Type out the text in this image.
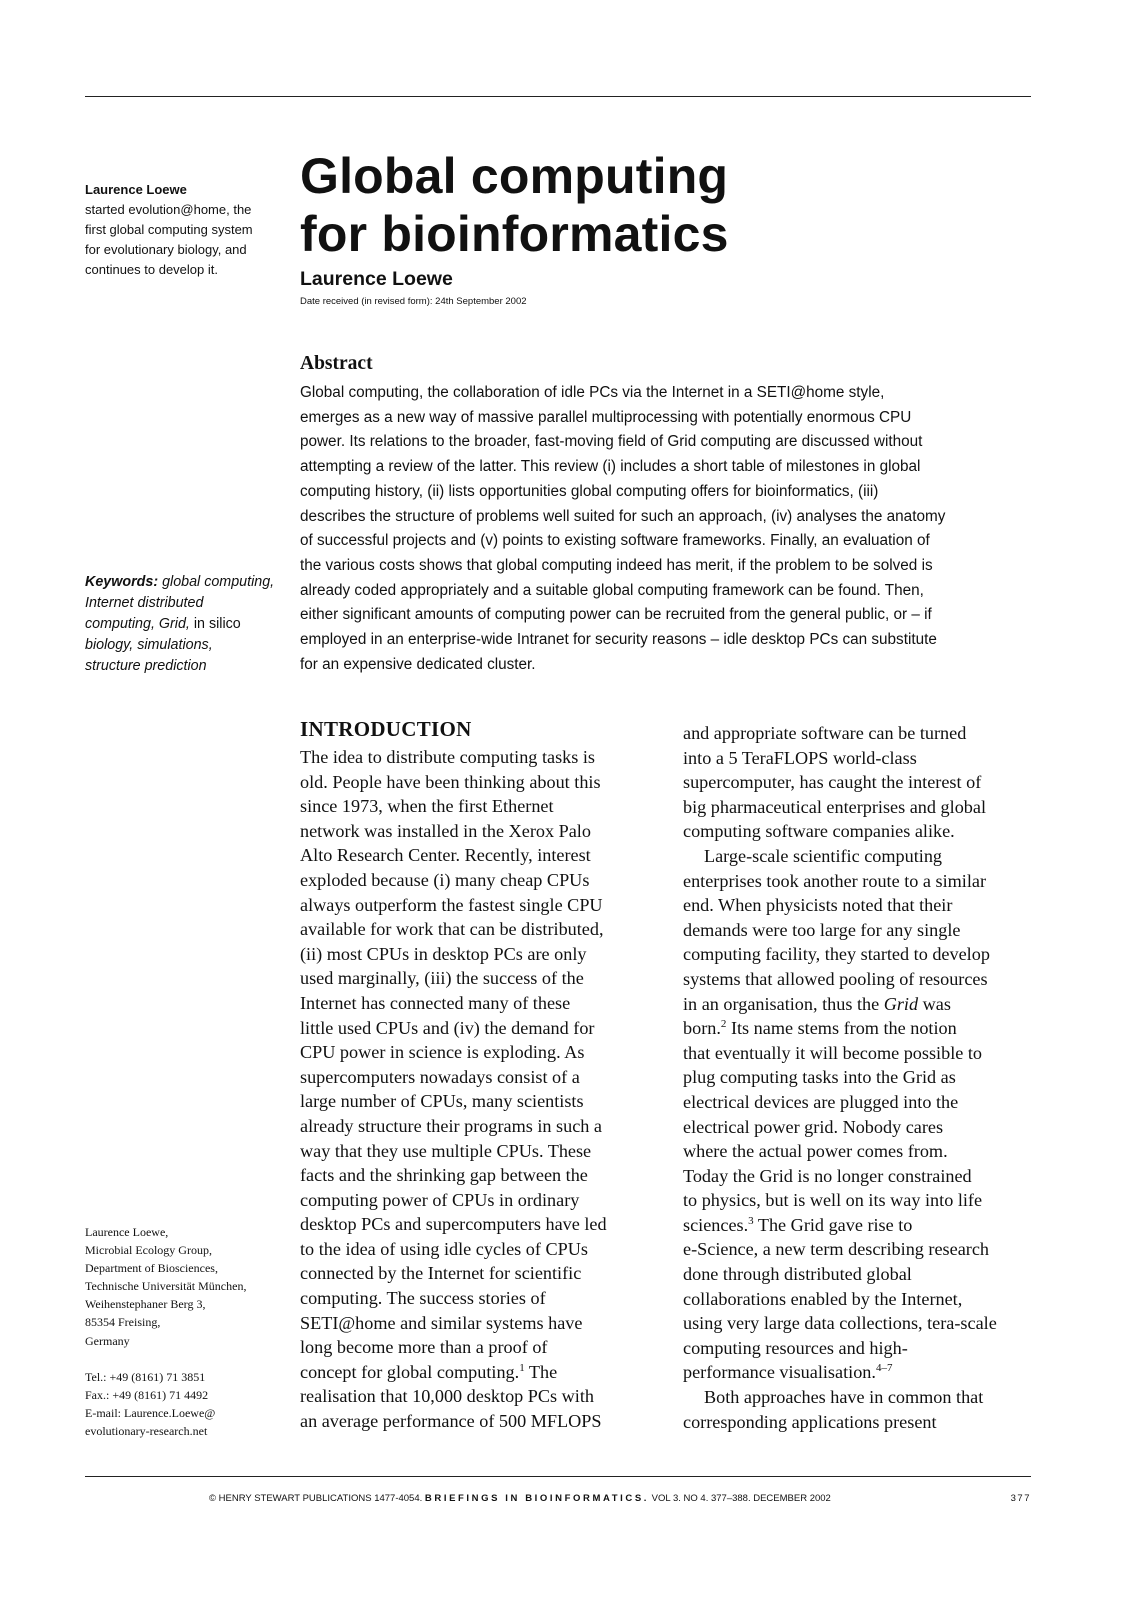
Laurence Loewe
started evolution@home, the
first global computing system
for evolutionary biology, and
continues to develop it.
Keywords: global computing,
Internet distributed
computing, Grid, in silico
biology, simulations,
structure prediction
Laurence Loewe,
Microbial Ecology Group,
Department of Biosciences,
Technische Universität München,
Weihenstephaner Berg 3,
85354 Freising,
Germany
Tel.: +49 (8161) 71 3851
Fax.: +49 (8161) 71 4492
E-mail: Laurence.Loewe@
evolutionary-research.net
Global computing
for bioinformatics
Laurence Loewe
Date received (in revised form): 24th September 2002
Abstract
Global computing, the collaboration of idle PCs via the Internet in a SETI@home style,
emerges as a new way of massive parallel multiprocessing with potentially enormous CPU
power. Its relations to the broader, fast-moving field of Grid computing are discussed without
attempting a review of the latter. This review (i) includes a short table of milestones in global
computing history, (ii) lists opportunities global computing offers for bioinformatics, (iii)
describes the structure of problems well suited for such an approach, (iv) analyses the anatomy
of successful projects and (v) points to existing software frameworks. Finally, an evaluation of
the various costs shows that global computing indeed has merit, if the problem to be solved is
already coded appropriately and a suitable global computing framework can be found. Then,
either significant amounts of computing power can be recruited from the general public, or – if
employed in an enterprise-wide Intranet for security reasons – idle desktop PCs can substitute
for an expensive dedicated cluster.
INTRODUCTION
The idea to distribute computing tasks is
old. People have been thinking about this
since 1973, when the first Ethernet
network was installed in the Xerox Palo
Alto Research Center. Recently, interest
exploded because (i) many cheap CPUs
always outperform the fastest single CPU
available for work that can be distributed,
(ii) most CPUs in desktop PCs are only
used marginally, (iii) the success of the
Internet has connected many of these
little used CPUs and (iv) the demand for
CPU power in science is exploding. As
supercomputers nowadays consist of a
large number of CPUs, many scientists
already structure their programs in such a
way that they use multiple CPUs. These
facts and the shrinking gap between the
computing power of CPUs in ordinary
desktop PCs and supercomputers have led
to the idea of using idle cycles of CPUs
connected by the Internet for scientific
computing. The success stories of
SETI@home and similar systems have
long become more than a proof of
concept for global computing.$^1$ The
realisation that 10,000 desktop PCs with
an average performance of 500 MFLOPS
and appropriate software can be turned
into a 5 TeraFLOPS world-class
supercomputer, has caught the interest of
big pharmaceutical enterprises and global
computing software companies alike.
Large-scale scientific computing
enterprises took another route to a similar
end. When physicists noted that their
demands were too large for any single
computing facility, they started to develop
systems that allowed pooling of resources
in an organisation, thus the Grid was
born.$^2$ Its name stems from the notion
that eventually it will become possible to
plug computing tasks into the Grid as
electrical devices are plugged into the
electrical power grid. Nobody cares
where the actual power comes from.
Today the Grid is no longer constrained
to physics, but is well on its way into life
sciences.$^3$ The Grid gave rise to
e-Science, a new term describing research
done through distributed global
collaborations enabled by the Internet,
using very large data collections, tera-scale
computing resources and high-
performance visualisation.$^{4-7}$
Both approaches have in common that
corresponding applications present
© HENRY STEWART PUBLICATIONS 1477-4054. BRIEFINGS IN BIOINFORMATICS. VOL 3. NO 4. 377–388. DECEMBER 2002	377
